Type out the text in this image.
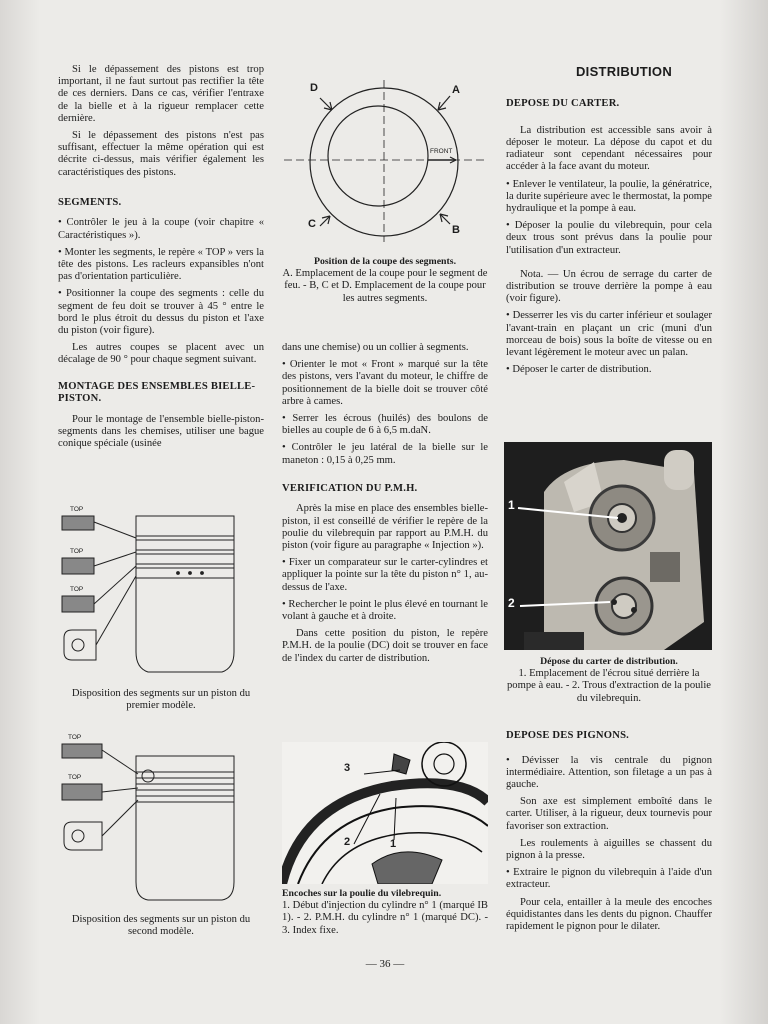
Si le dépassement des pistons est trop important, il ne faut surtout pas rectifier la tête de ces derniers. Dans ce cas, vérifier l'entraxe de la bielle et à la rigueur remplacer cette dernière.

Si le dépassement des pistons n'est pas suffisant, effectuer la même opération qui est décrite ci-dessus, mais vérifier également les caractéristiques des pistons.

SEGMENTS.

• Contrôler le jeu à la coupe (voir chapitre « Caractéristiques »).

• Monter les segments, le repère « TOP » vers la tête des pistons. Les racleurs expansibles n'ont pas d'orientation particulière.

• Positionner la coupe des segments : celle du segment de feu doit se trouver à 45 ° entre le bord le plus étroit du dessus du piston et l'axe du piston (voir figure).

Les autres coupes se placent avec un décalage de 90 ° pour chaque segment suivant.

MONTAGE DES ENSEMBLES BIELLE-PISTON.

Pour le montage de l'ensemble bielle-piston-segments dans les chemises, utiliser une bague conique spéciale (usinée

TOP
TOP
TOP
Disposition des segments sur un piston du premier modèle.
TOP
TOP
Disposition des segments sur un piston du second modèle.
D	A
C	B
FRONT
Position de la coupe des segments.
A. Emplacement de la coupe pour le segment de feu. - B, C et D. Emplacement de la coupe pour les autres segments.

dans une chemise) ou un collier à segments.

• Orienter le mot « Front » marqué sur la tête des pistons, vers l'avant du moteur, le chiffre de positionnement de la bielle doit se trouver côté arbre à cames.

• Serrer les écrous (huilés) des boulons de bielles au couple de 6 à 6,5 m.daN.

• Contrôler le jeu latéral de la bielle sur le maneton : 0,15 à 0,25 mm.

VERIFICATION DU P.M.H.

Après la mise en place des ensembles bielle-piston, il est conseillé de vérifier le repère de la poulie du vilebrequin par rapport au P.M.H. du piston (voir figure au paragraphe « Injection »).

• Fixer un comparateur sur le carter-cylindres et appliquer la pointe sur la tête du piston n° 1, au-dessus de l'axe.

• Rechercher le point le plus élevé en tournant le volant à gauche et à droite.

Dans cette position du piston, le repère P.M.H. de la poulie (DC) doit se trouver en face de l'index du carter de distribution.

3
2	1
Encoches sur la poulie du vilebrequin.
1. Début d'injection du cylindre n° 1 (marqué IB 1). - 2. P.M.H. du cylindre n° 1 (marqué DC). - 3. Index fixe.
— 36 —
DISTRIBUTION
DEPOSE DU CARTER.

La distribution est accessible sans avoir à déposer le moteur. La dépose du capot et du radiateur sont cependant nécessaires pour accéder à la face avant du moteur.

• Enlever le ventilateur, la poulie, la génératrice, la durite supérieure avec le thermostat, la pompe hydraulique et la pompe à eau.

• Déposer la poulie du vilebrequin, pour cela deux trous sont prévus dans la poulie pour l'utilisation d'un extracteur.

Nota. — Un écrou de serrage du carter de distribution se trouve derrière la pompe à eau (voir figure).

• Desserrer les vis du carter inférieur et soulager l'avant-train en plaçant un cric (muni d'un morceau de bois) sous la boîte de vitesse ou en levant légèrement le moteur avec un palan.

• Déposer le carter de distribution.

1
2
Dépose du carter de distribution.
1. Emplacement de l'écrou situé derrière la pompe à eau. - 2. Trous d'extraction de la poulie du vilebrequin.
DEPOSE DES PIGNONS.

• Dévisser la vis centrale du pignon intermédiaire. Attention, son filetage a un pas à gauche.

Son axe est simplement emboîté dans le carter. Utiliser, à la rigueur, deux tournevis pour favoriser son extraction.

Les roulements à aiguilles se chassent du pignon à la presse.

• Extraire le pignon du vilebrequin à l'aide d'un extracteur.

Pour cela, entailler à la meule des encoches équidistantes dans les dents du pignon. Chauffer rapidement le pignon pour le dilater.
